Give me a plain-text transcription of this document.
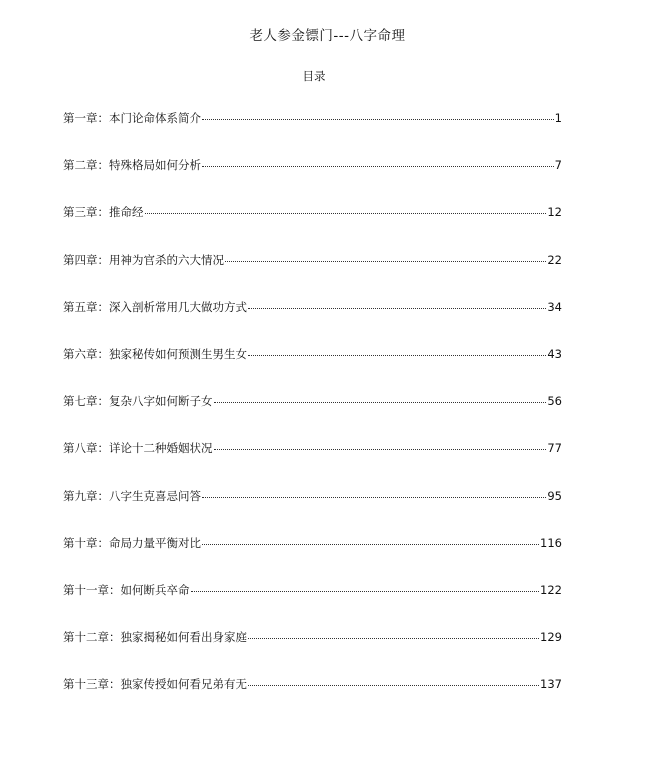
老人参金镖门---八字命理
目录
第一章： 本门论命体系简介	1
第二章： 特殊格局如何分析	7
第三章： 推命经	12
第四章： 用神为官杀的六大情况	22
第五章： 深入剖析常用几大做功方式	34
第六章： 独家秘传如何预测生男生女	43
第七章： 复杂八字如何断子女	56
第八章： 详论十二种婚姻状况	77
第九章： 八字生克喜忌问答	95
第十章： 命局力量平衡对比	116
第十一章： 如何断兵卒命	122
第十二章： 独家揭秘如何看出身家庭	129
第十三章： 独家传授如何看兄弟有无	137
